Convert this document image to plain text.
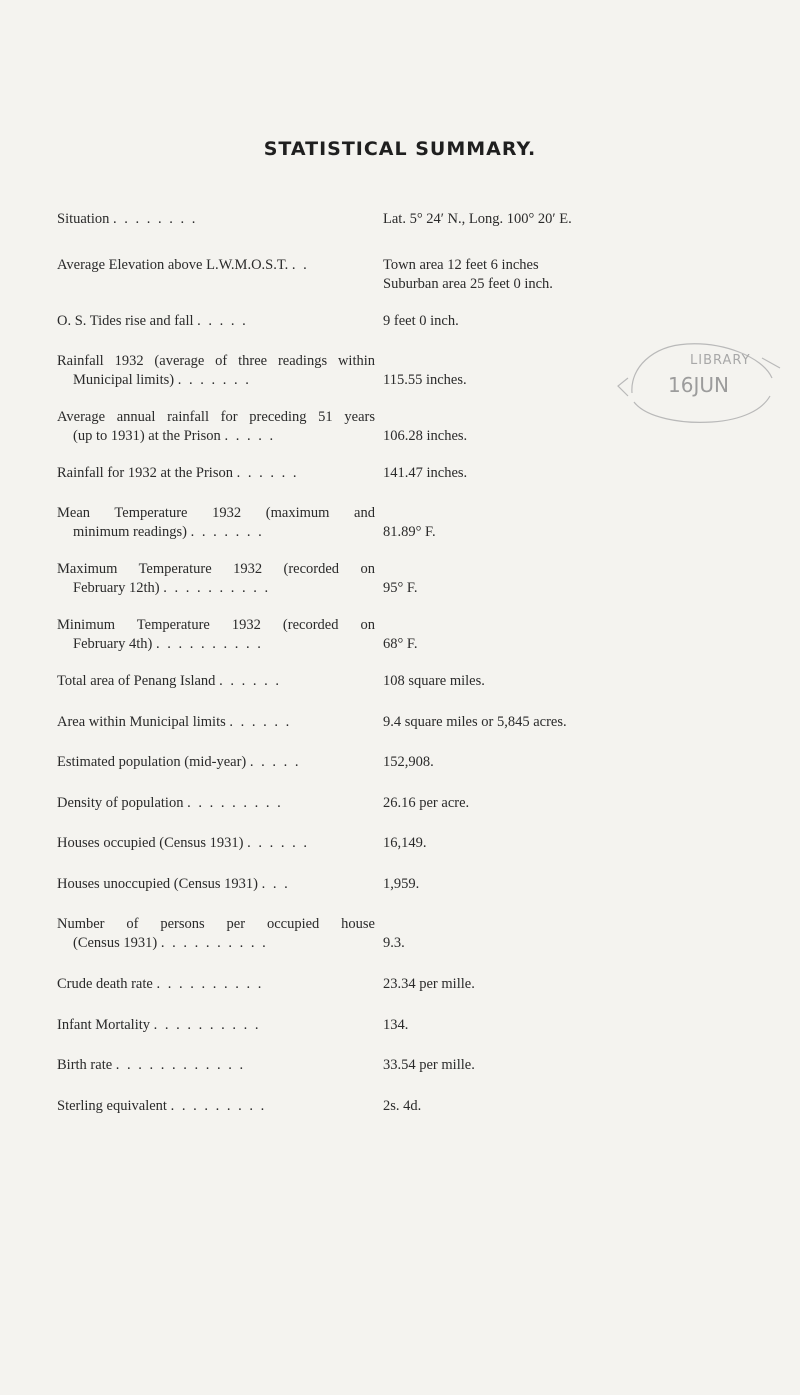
STATISTICAL SUMMARY.
Situation . . . . . . . .	Lat. 5° 24′ N., Long. 100° 20′ E.
Average Elevation above L.W.M.O.S.T. . .	Town area 12 feet 6 inches
Suburban area 25 feet 0 inch.
O. S. Tides rise and fall . . . . .	9 feet 0 inch.
Rainfall 1932 (average of three readings within
Municipal limits) . . . . . . .	115.55 inches.
Average annual rainfall for preceding 51 years
(up to 1931) at the Prison . . . . .	106.28 inches.
Rainfall for 1932 at the Prison . . . . . .	141.47 inches.
Mean Temperature 1932 (maximum and
minimum readings) . . . . . . .	81.89° F.
Maximum Temperature 1932 (recorded on
February 12th) . . . . . . . . . .	95° F.
Minimum Temperature 1932 (recorded on
February 4th) . . . . . . . . . .	68° F.
Total area of Penang Island . . . . . .	108 square miles.
Area within Municipal limits . . . . . .	9.4 square miles or 5,845 acres.
Estimated population (mid-year) . . . . .	152,908.
Density of population . . . . . . . . .	26.16 per acre.
Houses occupied (Census 1931) . . . . . .	16,149.
Houses unoccupied (Census 1931) . . .	1,959.
Number of persons per occupied house
(Census 1931) . . . . . . . . . .	9.3.
Crude death rate . . . . . . . . . .	23.34 per mille.
Infant Mortality . . . . . . . . . .	134.
Birth rate . . . . . . . . . . . .	33.54 per mille.
Sterling equivalent . . . . . . . . .	2s. 4d.
LIBRARY
16JUN
